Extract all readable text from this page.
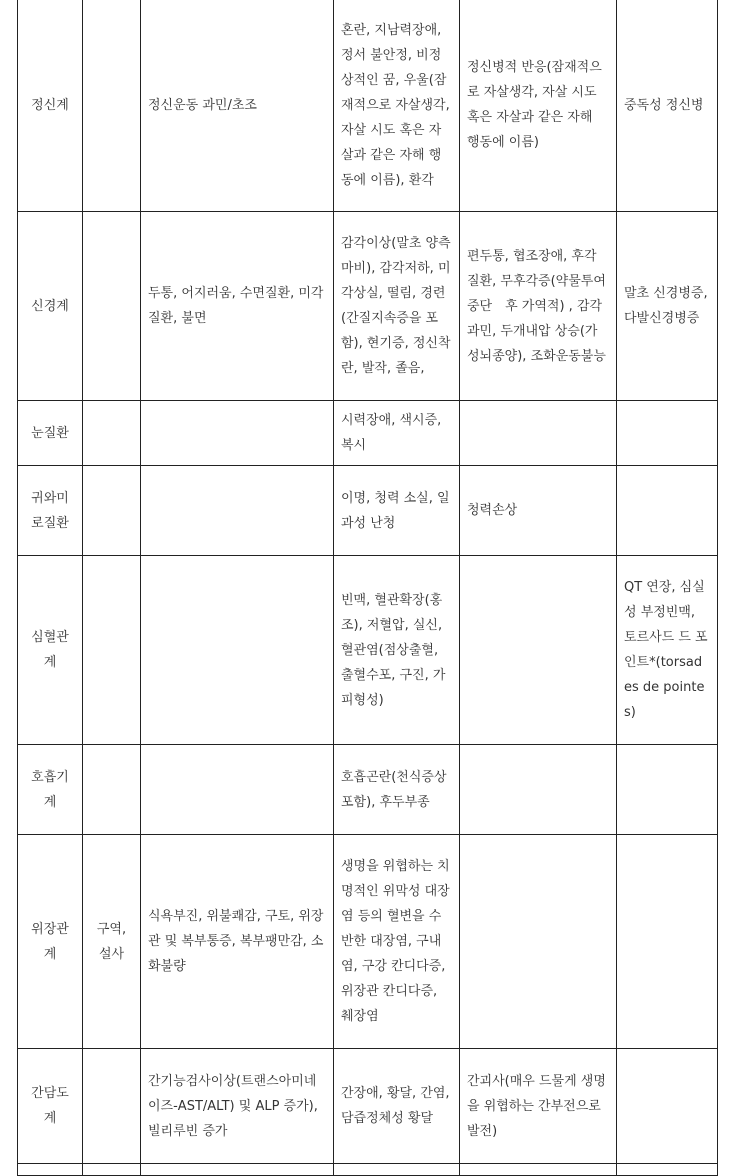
정신계		정신운동 과민/초조	혼란, 지남력장애, 정서 불안정, 비정상적인 꿈, 우울(잠재적으로 자살생각, 자살 시도 혹은 자살과 같은 자해 행동에 이름), 환각	정신병적 반응(잠재적으로 자살생각, 자살 시도 혹은 자살과 같은 자해 행동에 이름)	중독성 정신병
신경계		두통, 어지러움, 수면질환, 미각질환, 불면	감각이상(말초 양측마비), 감각저하, 미각상실, 떨림, 경련(간질지속증을 포함), 현기증, 정신착란, 발작, 졸음,	편두통, 협조장애, 후각 질환, 무후각증(약물투여 중단　후 가역적) , 감각과민, 두개내압 상승(가성뇌종양), 조화운동불능	말초 신경병증, 다발신경병증
눈질환			시력장애, 색시증, 복시		
귀와미로질환			이명, 청력 소실, 일과성 난청	청력손상	
심혈관계			빈맥, 혈관확장(홍조), 저혈압, 실신, 혈관염(점상출혈, 출혈수포, 구진, 가피형성)		QT 연장, 심실성 부정빈맥, 토르사드 드 포인트*(torsades de pointes)
호흡기계			호흡곤란(천식증상 포함), 후두부종		
위장관계	구역, 설사	식욕부진, 위불쾌감, 구토, 위장관 및 복부통증, 복부팽만감, 소화불량	생명을 위협하는 치명적인 위막성 대장염 등의 혈변을 수반한 대장염, 구내염, 구강 칸디다증, 위장관 칸디다증, 췌장염		
간담도계		간기능검사이상(트랜스아미네이즈-AST/ALT) 및 ALP 증가), 빌리루빈 증가	간장애, 황달, 간염, 담즙정체성 황달	간괴사(매우 드물게 생명을 위협하는 간부전으로 발전)	
